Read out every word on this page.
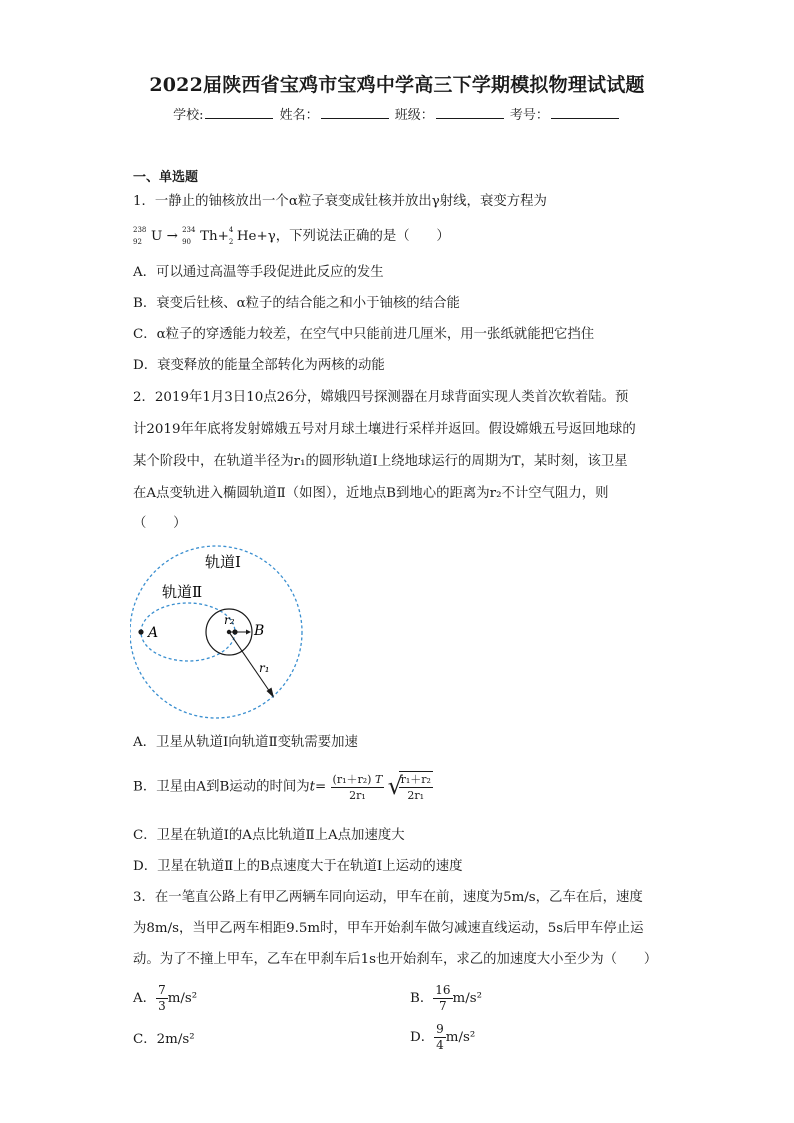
2022届陕西省宝鸡市宝鸡中学高三下学期模拟物理试试题
学校:	姓名：	班级：	考号：
一、单选题
1．一静止的铀核放出一个α粒子衰变成钍核并放出γ射线，衰变方程为
238
92 U → 234
90 Th+ 4
2 He+γ，下列说法正确的是（　　）
A．可以通过高温等手段促进此反应的发生
B．衰变后钍核、α粒子的结合能之和小于铀核的结合能
C．α粒子的穿透能力较差，在空气中只能前进几厘米，用一张纸就能把它挡住
D．衰变释放的能量全部转化为两核的动能
2．2019年1月3日10点26分，嫦娥四号探测器在月球背面实现人类首次软着陆。预
计2019年年底将发射嫦娥五号对月球土壤进行采样并返回。假设嫦娥五号返回地球的
某个阶段中，在轨道半径为r₁的圆形轨道Ⅰ上绕地球运行的周期为T，某时刻，该卫星
在A点变轨进入椭圆轨道Ⅱ（如图），近地点B到地心的距离为r₂不计空气阻力，则
（　　）
轨道Ⅰ
轨道Ⅱ
A	B
r₂
r₁
A．卫星从轨道Ⅰ向轨道Ⅱ变轨需要加速
B．卫星由A到B运动的时间为$t= \frac{\text{(r₁＋r₂) T}}{\text{2r₁}}$

√ $\frac{\text{r₁＋r₂}}{\text{2r₁}}$
C．卫星在轨道Ⅰ的A点比轨道Ⅱ上A点加速度大
D．卫星在轨道Ⅱ上的B点速度大于在轨道Ⅰ上运动的速度
3．在一笔直公路上有甲乙两辆车同向运动，甲车在前，速度为5m/s，乙车在后，速度
为8m/s，当甲乙两车相距9.5m时，甲车开始刹车做匀减速直线运动，5s后甲车停止运
动。为了不撞上甲车，乙车在甲刹车后1s也开始刹车，求乙的加速度大小至少为（　　）
A． $\frac{7}{3} m/s^2$	B． $\frac{16}{7} m/s^2$
C．2m/s²	D． $\frac{9}{4} m/s^2$
